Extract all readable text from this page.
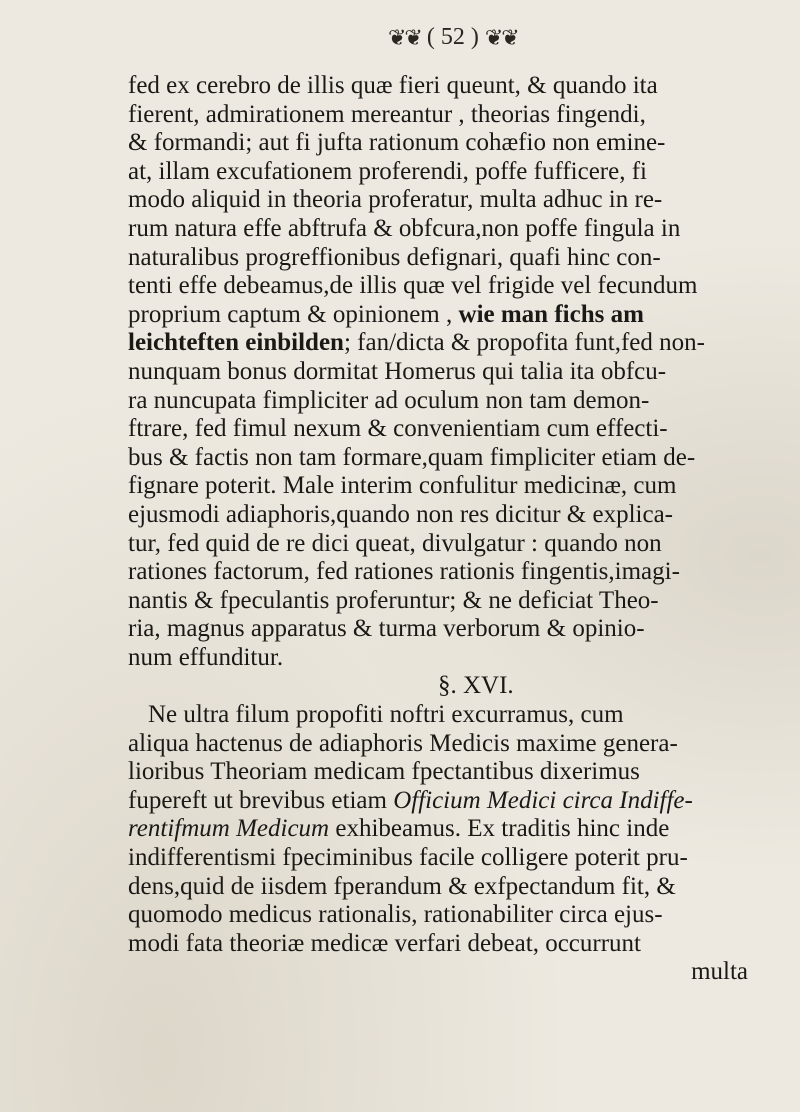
❦❦ ( 52 ) ❦❦
fed ex cerebro de illis quæ fieri queunt, & quando ita
fierent, admirationem mereantur , theorias fingendi,
& formandi; aut fi jufta rationum cohæfio non emine-
at, illam excufationem proferendi, poffe fufficere, fi
modo aliquid in theoria proferatur, multa adhuc in re-
rum natura effe abftrufa & obfcura,non poffe fingula in
naturalibus progreffionibus defignari, quafi hinc con-
tenti effe debeamus,de illis quæ vel frigide vel fecundum
proprium captum & opinionem , wie man fichs am
leichteften einbilden; fan/dicta & propofita funt,fed non-
nunquam bonus dormitat Homerus qui talia ita obfcu-
ra nuncupata fimpliciter ad oculum non tam demon-
ftrare, fed fimul nexum & convenientiam cum effecti-
bus & factis non tam formare,quam fimpliciter etiam de-
fignare poterit. Male interim confulitur medicinæ, cum
ejusmodi adiaphoris,quando non res dicitur & explica-
tur, fed quid de re dici queat, divulgatur : quando non
rationes factorum, fed rationes rationis fingentis,imagi-
nantis & fpeculantis proferuntur; & ne deficiat Theo-
ria, magnus apparatus & turma verborum & opinio-
num effunditur.
§. XVI.
Ne ultra filum propofiti noftri excurramus, cum
aliqua hactenus de adiaphoris Medicis maxime genera-
lioribus Theoriam medicam fpectantibus dixerimus
fupereft ut brevibus etiam Officium Medici circa Indiffe-
rentifmum Medicum exhibeamus. Ex traditis hinc inde
indifferentismi fpeciminibus facile colligere poterit pru-
dens,quid de iisdem fperandum & exfpectandum fit, &
quomodo medicus rationalis, rationabiliter circa ejus-
modi fata theoriæ medicæ verfari debeat, occurrunt
multa
